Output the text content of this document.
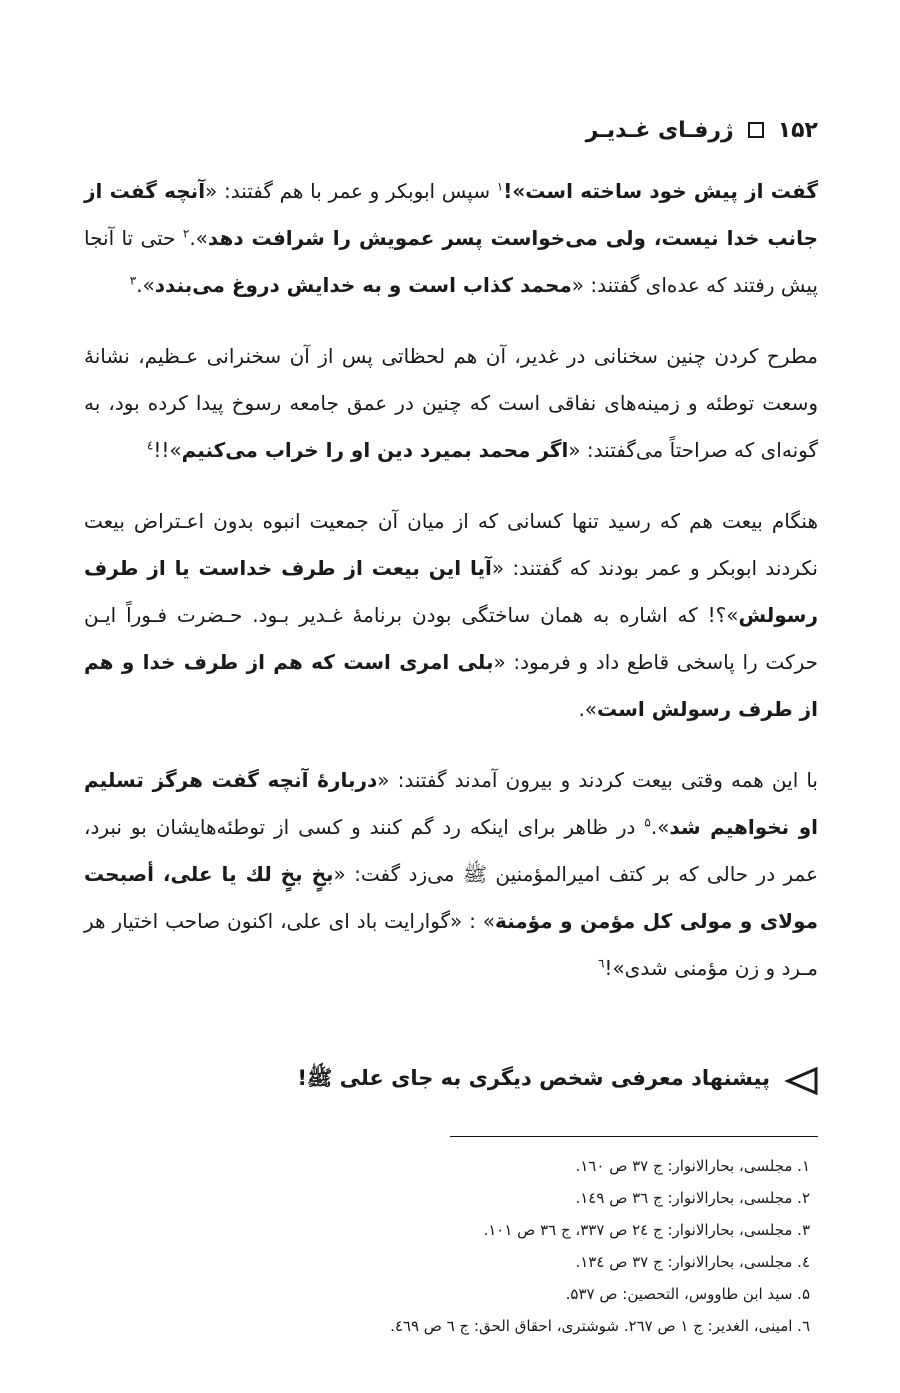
۱۵۲
ژرفـای غـدیـر

گفت از پیش خود ساخته است»!$^۱$ سپس ابوبکر و عمر با هم گفتند: «آنچه گفت از جانب خدا نیست، ولی می‌خواست پسر عمویش را شرافت دهد».$^۲$ حتی تا آنجا پیش رفتند که عده‌ای گفتند: «محمد کذاب است و به خدایش دروغ می‌بندد».$^۳$

مطرح کردن چنین سخنانی در غدیر، آن هم لحظاتی پس از آن سخنرانی عـظیم، نشانهٔ وسعت توطئه و زمینه‌های نفاقی است که چنین در عمق جامعه رسوخ پیدا کرده بود، به گونه‌ای که صراحتاً می‌گفتند: «اگر محمد بمیرد دین او را خراب می‌کنیم»!!$^٤$

هنگام بیعت هم که رسید تنها کسانی که از میان آن جمعیت انبوه بدون اعـتراض بیعت نکردند ابوبکر و عمر بودند که گفتند: «آیا این بیعت از طرف خداست یا از طرف رسولش»؟! که اشاره به همان ساختگی بودن برنامهٔ غـدیر بـود. حـضرت فـوراً ایـن حرکت را پاسخی قاطع داد و فرمود: «بلی امری است که هم از طرف خدا و هم از طرف رسولش است».

با این همه وقتی بیعت کردند و بیرون آمدند گفتند: «دربارهٔ آنچه گفت هرگز تسلیم او نخواهیم شد».$^۵$ در ظاهر برای اینکه رد گم کنند و کسی از توطئه‌هایشان بو نبرد، عمر در حالی که بر کتف امیرالمؤمنین ﷺ می‌زد گفت: «بخٍ بخٍ لك یا علی، أصبحت مولای و مولی کل مؤمن و مؤمنة» : «گوارایت باد ای علی، اکنون صاحب اختیار هر مـرد و زن مؤمنی شدی»!$^٦$

پیشنهاد معرفی شخص دیگری به جای علی ﷺ!
۱. مجلسی، بحارالانوار: ج ۳۷ ص ۱٦۰.
۲. مجلسی، بحارالانوار: ج ۳٦ ص ۱٤۹.
۳. مجلسی، بحارالانوار: ج ۲٤ ص ۳۳۷، ج ۳٦ ص ۱۰۱.
٤. مجلسی، بحارالانوار: ج ۳۷ ص ۱۳٤.
۵. سید ابن طاووس، التحصین: ص ۵۳۷.
٦. امینی، الغدیر: ج ۱ ص ۲٦۷. شوشتری، احقاق الحق: ج ٦ ص ٤٦۹.
